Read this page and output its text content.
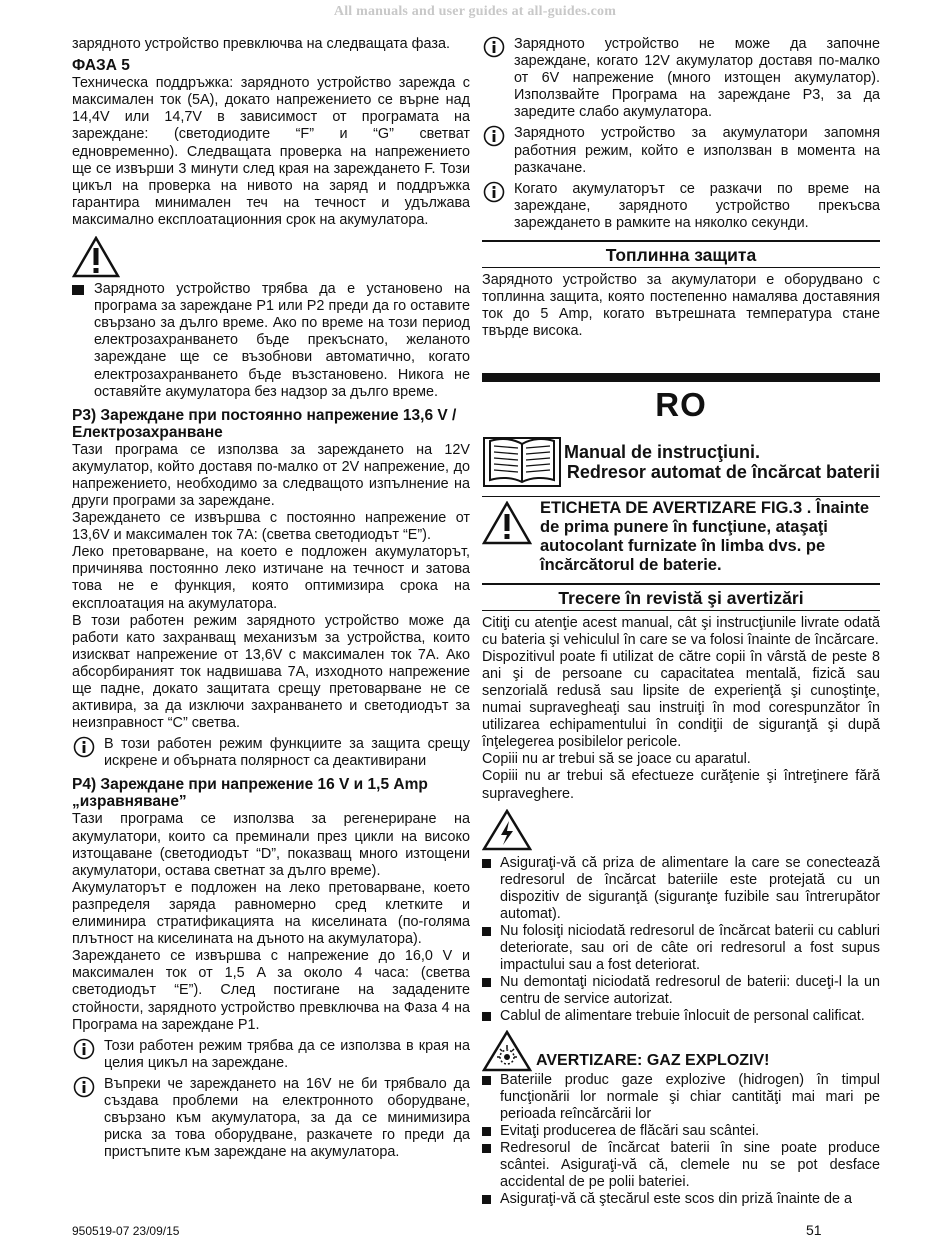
All manuals and user guides at all-guides.com

зарядното устройство превключва на следващата фаза.

ФАЗА 5

Техническа поддръжка: зарядното устройство зарежда с максимален ток (5A), докато напрежението се върне над 14,4V или 14,7V в зависимост от програмата на зареждане: (светодиодите “F” и “G” светват едновременно). Следващата проверка на напрежението ще се извърши 3 минути след края на зареждането F. Този цикъл на проверка на нивото на заряд и поддръжка гарантира минимален теч на течност и удължава максимално експлоатационния срок на акумулатора.

Зарядното устройство трябва да е установено на програма за зареждане P1 или P2 преди да го оставите свързано за дълго време. Ако по време на този период електрозахранването бъде прекъснато, желаното зареждане ще се възобнови автоматично, когато електрозахранването бъде възстановено. Никога не оставяйте акумулатора без надзор за дълго време.

P3) Зареждане при постоянно напрежение 13,6 V / Електрозахранване

Тази програма се използва за зареждането на 12V акумулатор, който доставя по-малко от 2V напрежение, до напрежението, необходимо за следващото изпълнение на други програми за зареждане.

Зареждането се извършва с постоянно напрежение от 13,6V и максимален ток 7A: (светва светодиодът “E”).

Леко претоварване, на което е подложен акумулаторът, причинява постоянно леко изтичане на течност и затова това не е функция, която оптимизира срока на експлоатация на акумулатора.

В този работен режим зарядното устройство може да работи като захранващ механизъм за устройства, които изискват напрежение от 13,6V с максимален ток 7A. Ако абсорбираният ток надвишава 7A, изходното напрежение ще падне, докато защитата срещу претоварване не се активира, за да изключи захранването и светодиодът за неизправност “C” светва.

В този работен режим функциите за защита срещу искрене и обърната полярност са деактивирани

P4) Зареждане при напрежение 16 V и 1,5 Amp „изравняване”

Тази програма се използва за регенериране на акумулатори, които са преминали през цикли на високо изтощаване (светодиодът “D”, показващ много изтощени акумулатори, остава светнат за дълго време).

Акумулаторът е подложен на леко претоварване, което разпределя заряда равномерно сред клетките и елиминира стратификацията на киселината (по-голяма плътност на киселината на дъното на акумулатора).

Зареждането се извършва с напрежение до 16,0 V и максимален ток от 1,5 A за около 4 часа: (светва светодиодът “E”). След постигане на зададените стойности, зарядното устройство превключва на Фаза 4 на Програма на зареждане P1.

Този работен режим трябва да се използва в края на целия цикъл на зареждане.

Въпреки че зареждането на 16V не би трябвало да създава проблеми на електронното оборудване, свързано към акумулатора, за да се минимизира риска за това оборудване, разкачете го преди да пристъпите към зареждане на акумулатора.

Зарядното устройство не може да започне зареждане, когато 12V акумулатор доставя по-малко от 6V напрежение (много изтощен акумулатор). Използвайте Програма на зареждане P3, за да заредите слабо акумулатора.

Зарядното устройство за акумулатори запомня работния режим, който е използван в момента на разкачане.

Когато акумулаторът се разкачи по време на зареждане, зарядното устройство прекъсва зареждането в рамките на няколко секунди.

Топлинна защита

Зарядното устройство за акумулатори е оборудвано с топлинна защита, която постепенно намалява доставяния ток до 5 Amp, когато вътрешната температура стане твърде висока.

RO
Manual de instrucţiuni.
Redresor automat de încărcat baterii
ETICHETA DE AVERTIZARE FIG.3 . Înainte de prima punere în funcţiune, ataşaţi autocolant furnizate în limba dvs. pe încărcătorul de baterie.
Trecere în revistă şi avertizări

Citiţi cu atenţie acest manual, cât şi instrucţiunile livrate odată cu bateria şi vehiculul în care se va folosi înainte de încărcare.

Dispozitivul poate fi utilizat de către copii în vârstă de peste 8 ani şi de persoane cu capacitatea mentală, fizică sau senzorială redusă sau lipsite de experienţă şi cunoştinţe, numai supravegheaţi sau instruiţi în mod corespunzător în utilizarea echipamentului în condiţii de siguranţă şi după înţelegerea posibilelor pericole.

Copiii nu ar trebui să se joace cu aparatul.

Copiii nu ar trebui să efectueze curăţenie şi întreţinere fără supraveghere.

Asiguraţi-vă că priza de alimentare la care se conectează redresorul de încărcat bateriile este protejată cu un dispozitiv de siguranţă (siguranţe fuzibile sau întrerupător automat).

Nu folosiţi niciodată redresorul de încărcat baterii cu cabluri deteriorate, sau ori de câte ori redresorul a fost supus impactului sau a fost deteriorat.

Nu demontaţi niciodată redresorul de baterii: duceţi-l la un centru de service autorizat.

Cablul de alimentare trebuie înlocuit de personal calificat.

AVERTIZARE: GAZ EXPLOZIV!

Bateriile produc gaze explozive (hidrogen) în timpul funcţionării lor normale şi chiar cantităţi mai mari pe perioada reîncărcării lor

Evitaţi producerea de flăcări sau scântei.

Redresorul de încărcat baterii în sine poate produce scântei. Asiguraţi-vă că, clemele nu se pot desface accidental de pe polii bateriei.

Asiguraţi-vă că ştecărul este scos din priză înainte de a

950519-07 23/09/15	51
